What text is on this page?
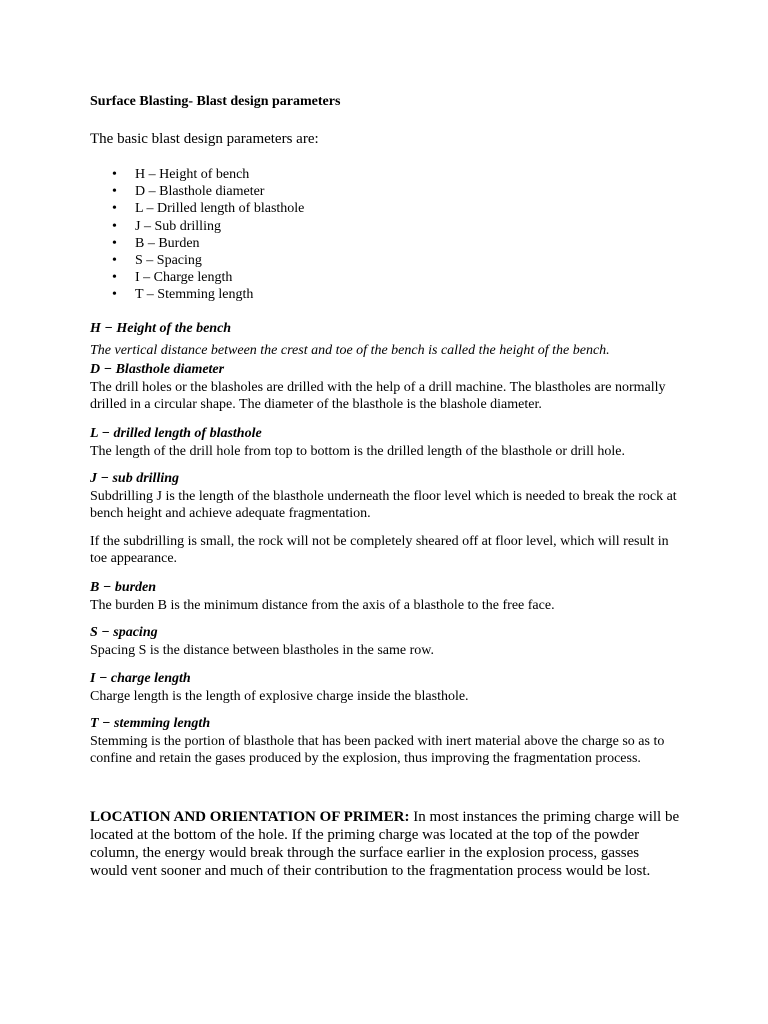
Surface Blasting- Blast design parameters
The basic blast design parameters are:
• H – Height of bench
• D – Blasthole diameter
• L – Drilled length of blasthole
• J – Sub drilling
• B – Burden
• S – Spacing
• I – Charge length
• T – Stemming length
H − Height of the bench

The vertical distance between the crest and toe of the bench is called the height of the bench.

D − Blasthole diameter

The drill holes or the blasholes are drilled with the help of a drill machine. The blastholes are normally drilled in a circular shape. The diameter of the blasthole is the blashole diameter.

L − drilled length of blasthole

The length of the drill hole from top to bottom is the drilled length of the blasthole or drill hole.

J − sub drilling

Subdrilling J is the length of the blasthole underneath the floor level which is needed to break the rock at bench height and achieve adequate fragmentation.

If the subdrilling is small, the rock will not be completely sheared off at floor level, which will result in toe appearance.

B − burden

The burden B is the minimum distance from the axis of a blasthole to the free face.

S − spacing

Spacing S is the distance between blastholes in the same row.

I − charge length

Charge length is the length of explosive charge inside the blasthole.

T − stemming length

Stemming is the portion of blasthole that has been packed with inert material above the charge so as to confine and retain the gases produced by the explosion, thus improving the fragmentation process.

LOCATION AND ORIENTATION OF PRIMER: In most instances the priming charge will be located at the bottom of the hole. If the priming charge was located at the top of the powder column, the energy would break through the surface earlier in the explosion process, gasses would vent sooner and much of their contribution to the fragmentation process would be lost.
